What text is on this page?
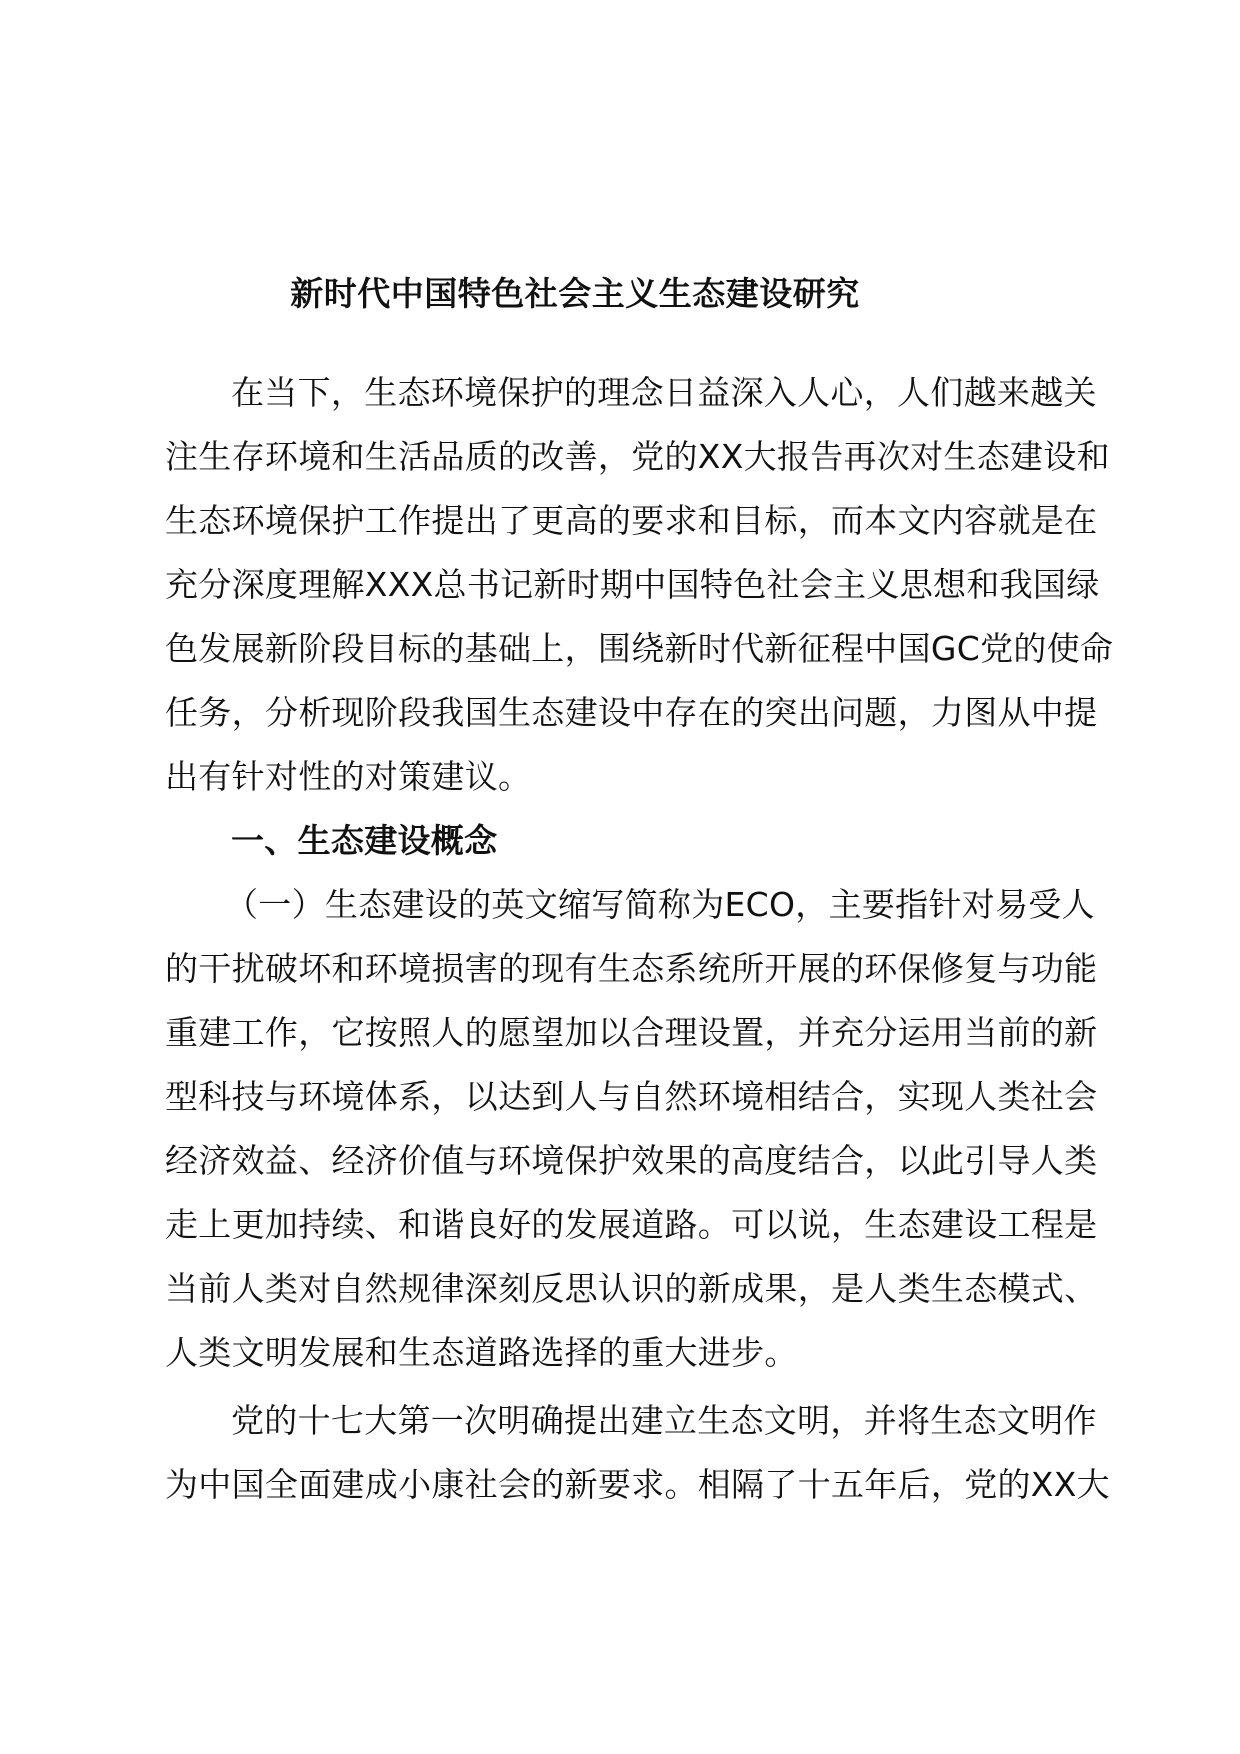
新时代中国特色社会主义生态建设研究
在当下，生态环境保护的理念日益深入人心，人们越来越关
注生存环境和生活品质的改善，党的XX大报告再次对生态建设和
生态环境保护工作提出了更高的要求和目标，而本文内容就是在
充分深度理解XXX总书记新时期中国特色社会主义思想和我国绿
色发展新阶段目标的基础上，围绕新时代新征程中国GC党的使命
任务，分析现阶段我国生态建设中存在的突出问题，力图从中提
出有针对性的对策建议。
一、生态建设概念
（一）生态建设的英文缩写简称为ECO，主要指针对易受人
的干扰破坏和环境损害的现有生态系统所开展的环保修复与功能
重建工作，它按照人的愿望加以合理设置，并充分运用当前的新
型科技与环境体系，以达到人与自然环境相结合，实现人类社会
经济效益、经济价值与环境保护效果的高度结合，以此引导人类
走上更加持续、和谐良好的发展道路。可以说，生态建设工程是
当前人类对自然规律深刻反思认识的新成果，是人类生态模式、
人类文明发展和生态道路选择的重大进步。
党的十七大第一次明确提出建立生态文明，并将生态文明作
为中国全面建成小康社会的新要求。相隔了十五年后，党的XX大
